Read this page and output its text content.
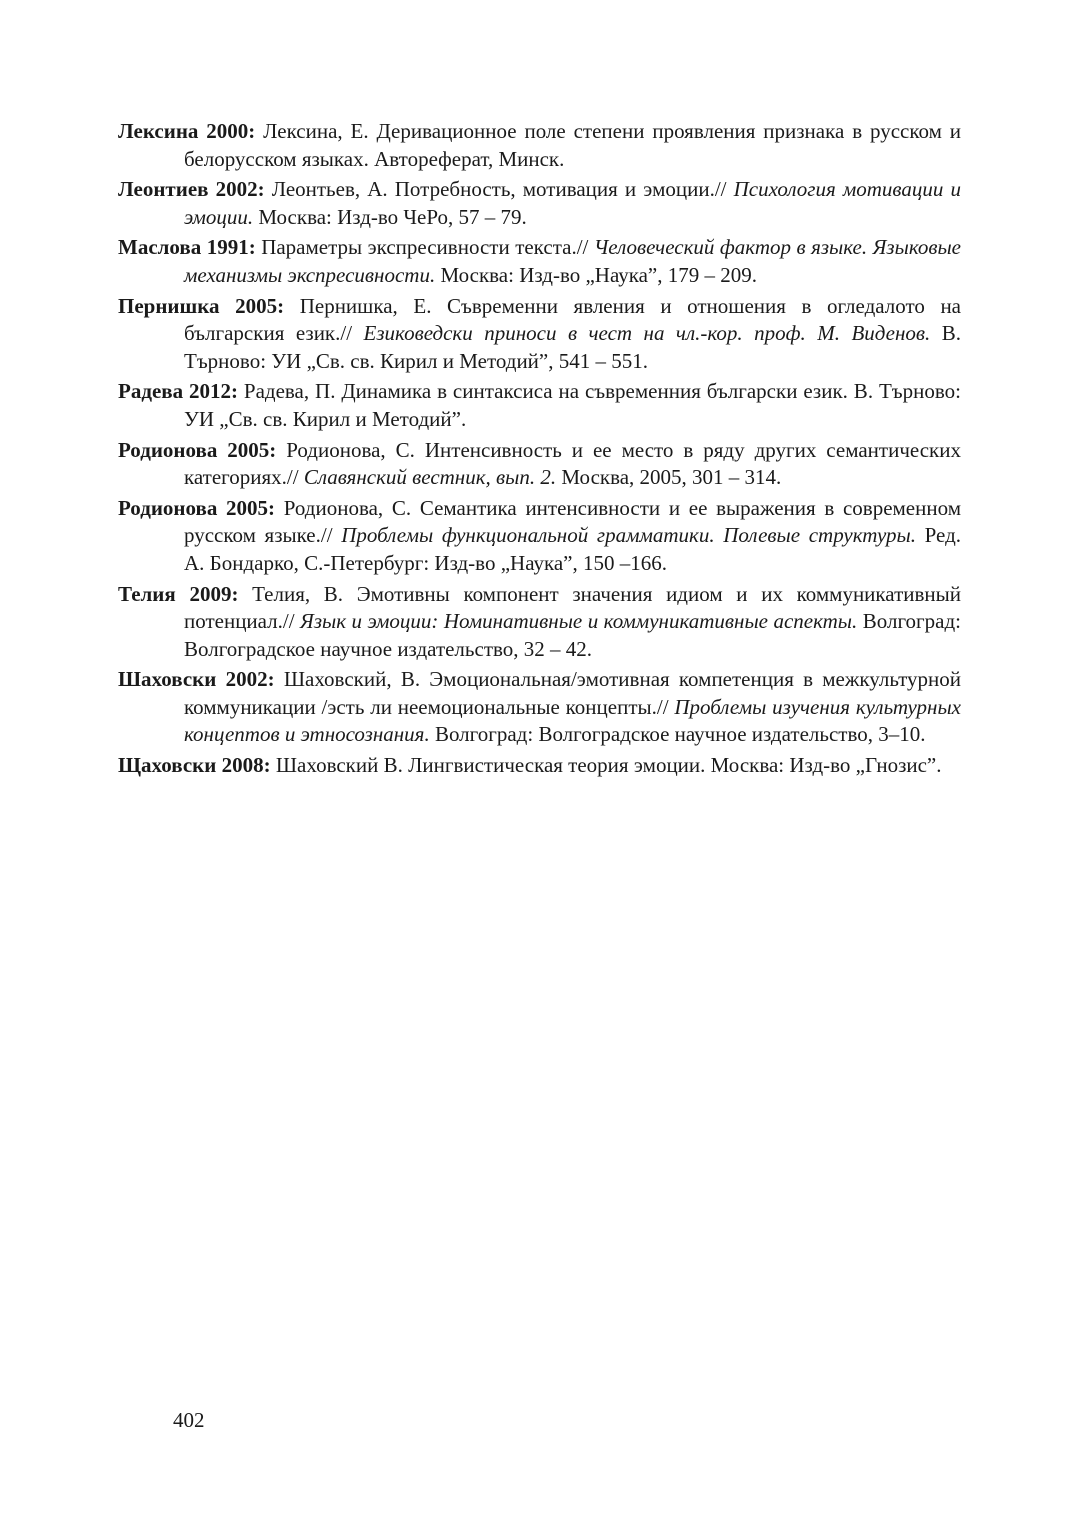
Лексина 2000: Лексина, Е. Деривационное поле степени проявления признака в русском и белорусском языках. Автореферат, Минск.

Леонтиев 2002: Леонтьев, А. Потребность, мотивация и эмоции.// Психология мотивации и эмоции. Москва: Изд-во ЧеРо, 57 – 79.

Маслова 1991: Параметры экспресивности текста.// Человеческий фактор в языке. Языковые механизмы экспресивности. Москва: Изд-во „Наука”, 179 – 209.

Пернишка 2005: Пернишка, Е. Съвременни явления и отношения в огледалото на българския език.// Езиковедски приноси в чест на чл.-кор. проф. М. Виденов. В. Търново: УИ „Св. св. Кирил и Методий”, 541 – 551.

Радева 2012: Радева, П. Динамика в синтаксиса на съвременния български език. В. Търново: УИ „Св. св. Кирил и Методий”.

Родионова 2005: Родионова, С. Интенсивность и ее место в ряду других семантических категориях.// Славянский вестник, вып. 2. Москва, 2005, 301 – 314.

Родионова 2005: Родионова, С. Семантика интенсивности и ее выражения в современном русском языке.// Проблемы функциональной грамматики. Полевые структуры. Ред. А. Бондарко, С.-Петербург: Изд-во „Наука”, 150 –166.

Телия 2009: Телия, В. Эмотивны компонент значения идиом и их коммуникативный потенциал.// Язык и эмоции: Номинативные и коммуникативные аспекты. Волгоград: Волгоградское научное издательство, 32 – 42.

Шаховски 2002: Шаховский, В. Эмоциональная/эмотивная компетенция в межкультурной коммуникации /эсть ли неемоциональные концепты.// Проблемы изучения культурных концептов и этносознания. Волгоград: Волгоградское научное издательство, 3–10.

Щаховски 2008: Шаховский В. Лингвистическая теория эмоции. Москва: Изд-во „Гнозис”.

402
